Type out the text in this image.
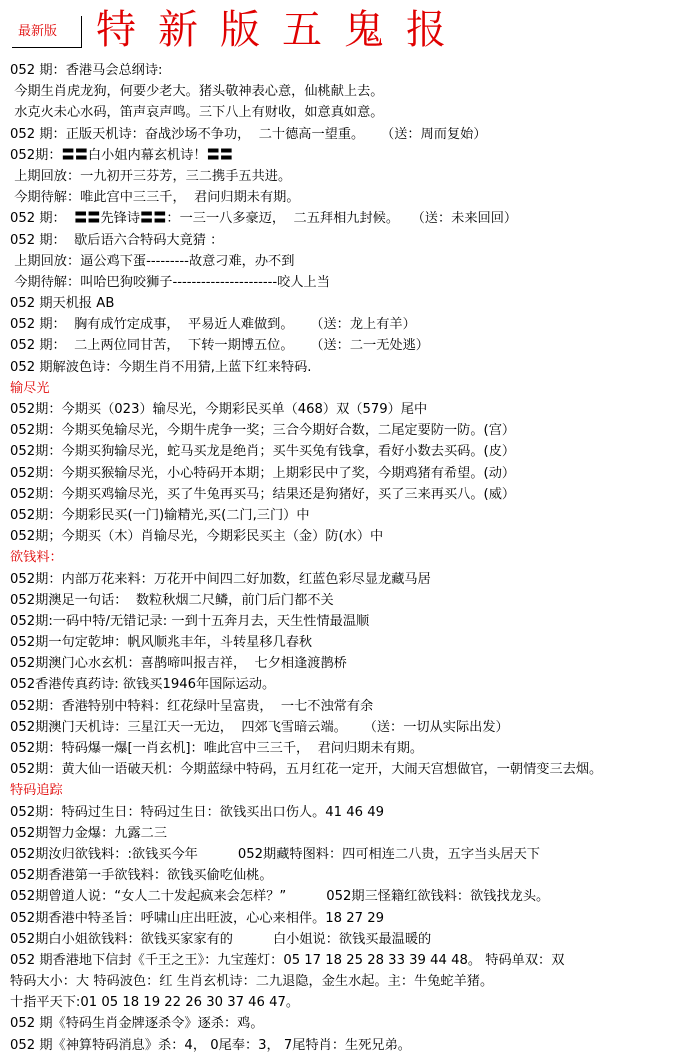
最新版 特新版五鬼报
052 期：香港马会总纲诗:
今期生肖虎龙狗，何要少老大。猪头敬神表心意，仙桃献上去。
水克火未心水码，笛声哀声鸣。三下八上有财收，如意真如意。
052 期：正版天机诗：奋战沙场不争功，  二十德高一望重。    （送：周而复始）
052期：〓〓白小姐内幕玄机诗！〓〓
上期回放：一九初开三芬芳，三二携手五共进。
今期待解：唯此宫中三三千，  君问归期未有期。
052 期：  〓〓先锋诗〓〓：一三一八多豪迈，  二五拜相九封候。   （送：未来回回）
052 期：  歇后语六合特码大竟猜 ：
上期回放：逼公鸡下蛋---------故意刁难，办不到
今期待解：叫哈巴狗咬狮子----------------------咬人上当
052 期天机报 AB
052 期：  胸有成竹定成事，  平易近人难做到。    （送：龙上有羊）
052 期：  二上两位同甘苦，  下转一期博五位。    （送：二一无处逃）
052 期解波色诗：今期生肖不用猜,上蓝下红来特码.
输尽光
052期：今期买（023）输尽光，今期彩民买单（468）双（579）尾中
052期：今期买兔输尽光，今期牛虎争一奖；三合今期好合数，二尾定要防一防。(宫）
052期：今期买狗输尽光，蛇马买龙是绝肖；买牛买兔有钱拿，看好小数去买码。(皮）
052期：今期买猴输尽光，小心特码开本期；上期彩民中了奖，今期鸡猪有希望。(动）
052期：今期买鸡输尽光，买了牛兔再买马；结果还是狗猪好，买了三来再买八。(威）
052期：今期彩民买(一门)输精光,买(二门,三门）中
052期；今期买（木）肖输尽光，今期彩民买主（金）防(水）中
欲钱料：
052期：内部万花来料：万花开中间四二好加数，红蓝色彩尽显龙藏马居
052期澳足一句话：  数粒秋烟二尺鳞，前门后门都不关
052期:一码中特/无错记录: 一到十五奔月去，天生性情最温顺
052期一句定乾坤：帆风顺兆丰年，斗转星移几春秋
052期澳门心水玄机：喜鹊啼叫报吉祥，  七夕相逢渡鹊桥
052香港传真药诗: 欲钱买1946年国际运动。
052期：香港特别中特料：红花绿叶呈富贵，  一七不浊常有余
052期澳门天机诗：三星江天一无边，  四郊飞雪暗云端。    （送：一切从实际出发）
052期：特码爆一爆[一肖玄机]：唯此宫中三三千，  君问归期未有期。
052期：黄大仙一语破天机：今期蓝绿中特码，五月红花一定开，大闹天宫想做官，一朝情变三去烟。
特码追踪
052期：特码过生日：特码过生日：欲钱买出口伤人。41 46 49
052期智力金爆：九露二三
052期汝归欲钱料：:欲钱买今年	052期藏特图料：四可相连二八贵，五字当头居天下
052期香港第一手欲钱料：欲钱买偷吃仙桃。
052期曾道人说：“女人二十发起疯来会怎样？”	052期三怪籍红欲钱料：欲钱找龙头。
052期香港中特圣旨：呼啸山庄出旺波，心心来相伴。18 27 29
052期白小姐欲钱料：欲钱买家家有的	白小姐说：欲钱买最温暖的
052 期香港地下信封《千王之王》：九宝莲灯：05 17 18 25 28 33 39 44 48。 特码单双：双
特码大小：大 特码波色：红 生肖玄机诗：二九退隐，金生水起。主：牛兔蛇羊猪。
十指平天下:01 05 18 19 22 26 30 37 46 47。
052 期《特码生肖金牌逐杀令》逐杀：鸡。
052 期《神算特码消息》杀：4， 0尾奉：3， 7尾特肖：生死兄弟。
